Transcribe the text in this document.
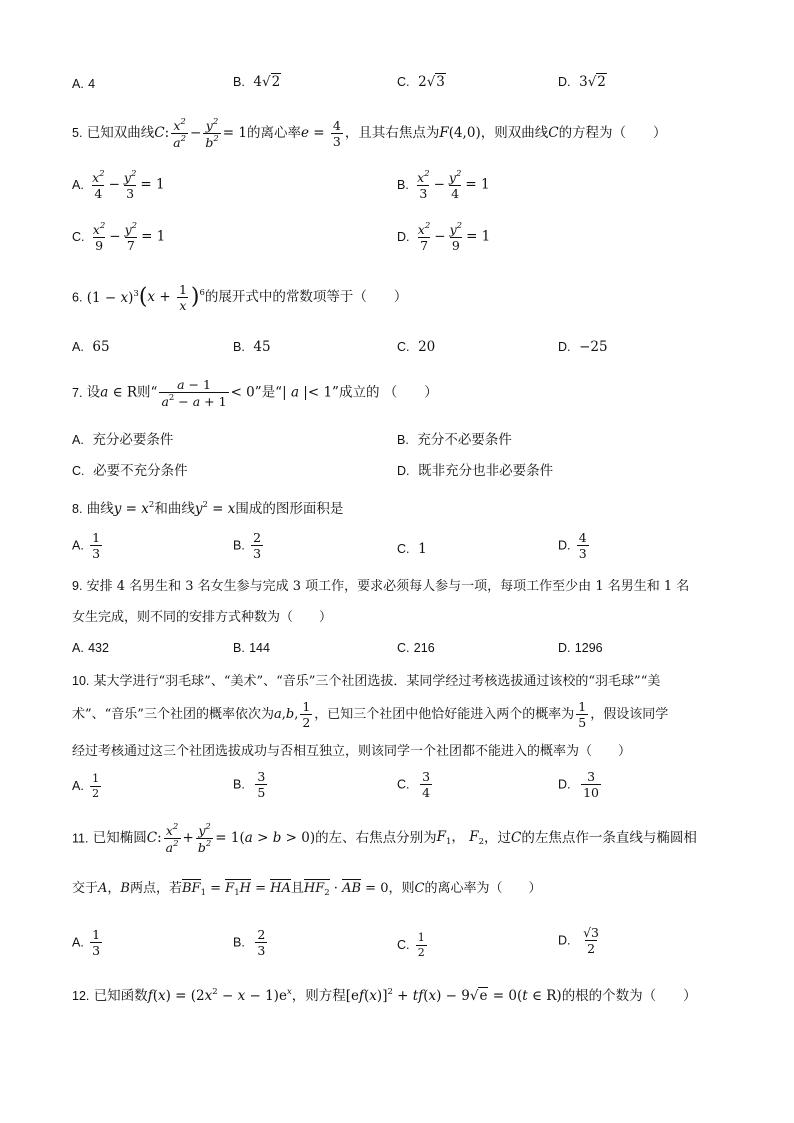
A. 4	B. 4√2	C. 2√3	D. 3√2
5. 已知双曲线C: $\frac{x^2}{a^2} - \frac{y^2}{b^2} = 1$的离心率$e = \frac{4}{3}$ ，且其右焦点为F(4,0)，则双曲线C的方程为（　　）
A. $\frac{x^2}{4} - \frac{y^2}{3} = 1$	B. $\frac{x^2}{3} - \frac{y^2}{4} = 1$
C. $\frac{x^2}{9} - \frac{y^2}{7} = 1$	D. $\frac{x^2}{7} - \frac{y^2}{9} = 1$
6. $(1 - x)^3(x + \frac{1}{x} )^6$的展开式中的常数项等于（　　）
A. 65	B. 45	C. 20	D. −25
7. 设a ∈ R则“ $\frac{a - 1}{a^2 - a + 1} < 0$”是“| a |< 1”成立的 （　　）
A. 充分必要条件	B. 充分不必要条件
C. 必要不充分条件	D. 既非充分也非必要条件
8. 曲线$y = x^2$和曲线$y^2 = x$围成的图形面积是
A. $\frac{1}{3}$	B. $\frac{2}{3}$	C. 1	D. $\frac{4}{3}$
9. 安排 4 名男生和 3 名女生参与完成 3 项工作，要求必须每人参与一项，每项工作至少由 1 名男生和 1 名
女生完成，则不同的安排方式种数为（　　）
A. 432	B. 144	C. 216	D. 1296
10. 某大学进行“羽毛球”、“美术”、“音乐”三个社团选拔．某同学经过考核选拔通过该校的“羽毛球”“美
术”、“音乐”三个社团的概率依次为a,b, $\frac{1}{2}$ ，已知三个社团中他恰好能进入两个的概率为 $\frac{1}{5}$ ，假设该同学
经过考核通过这三个社团选拔成功与否相互独立，则该同学一个社团都不能进入的概率为（　　）
A. $\frac{1}{2}$	B. $\frac{3}{5}$	C. $\frac{3}{4}$	D. $\frac{3}{10}$
11. 已知椭圆C: $\frac{x^2}{a^2} + \frac{y^2}{b^2} = 1(a > b > 0)$的左、右焦点分别为$F_1$， $F_2$，过C的左焦点作一条直线与椭圆相
交于A，B两点，若$BF_1 = F_1H$ = HA且$HF_2$ · AB = 0，则C的离心率为（　　）
A. $\frac{1}{3}$	B. $\frac{2}{3}$	C. $\frac{1}{2}$	D. $\frac{√3}{2}$
12. 已知函数$f(x) = (2x^2 - x - 1)e^x$，则方程$[ef(x)]^2 + tf(x) - 9√e = 0(t$ ∈ R)的根的个数为（　　）
